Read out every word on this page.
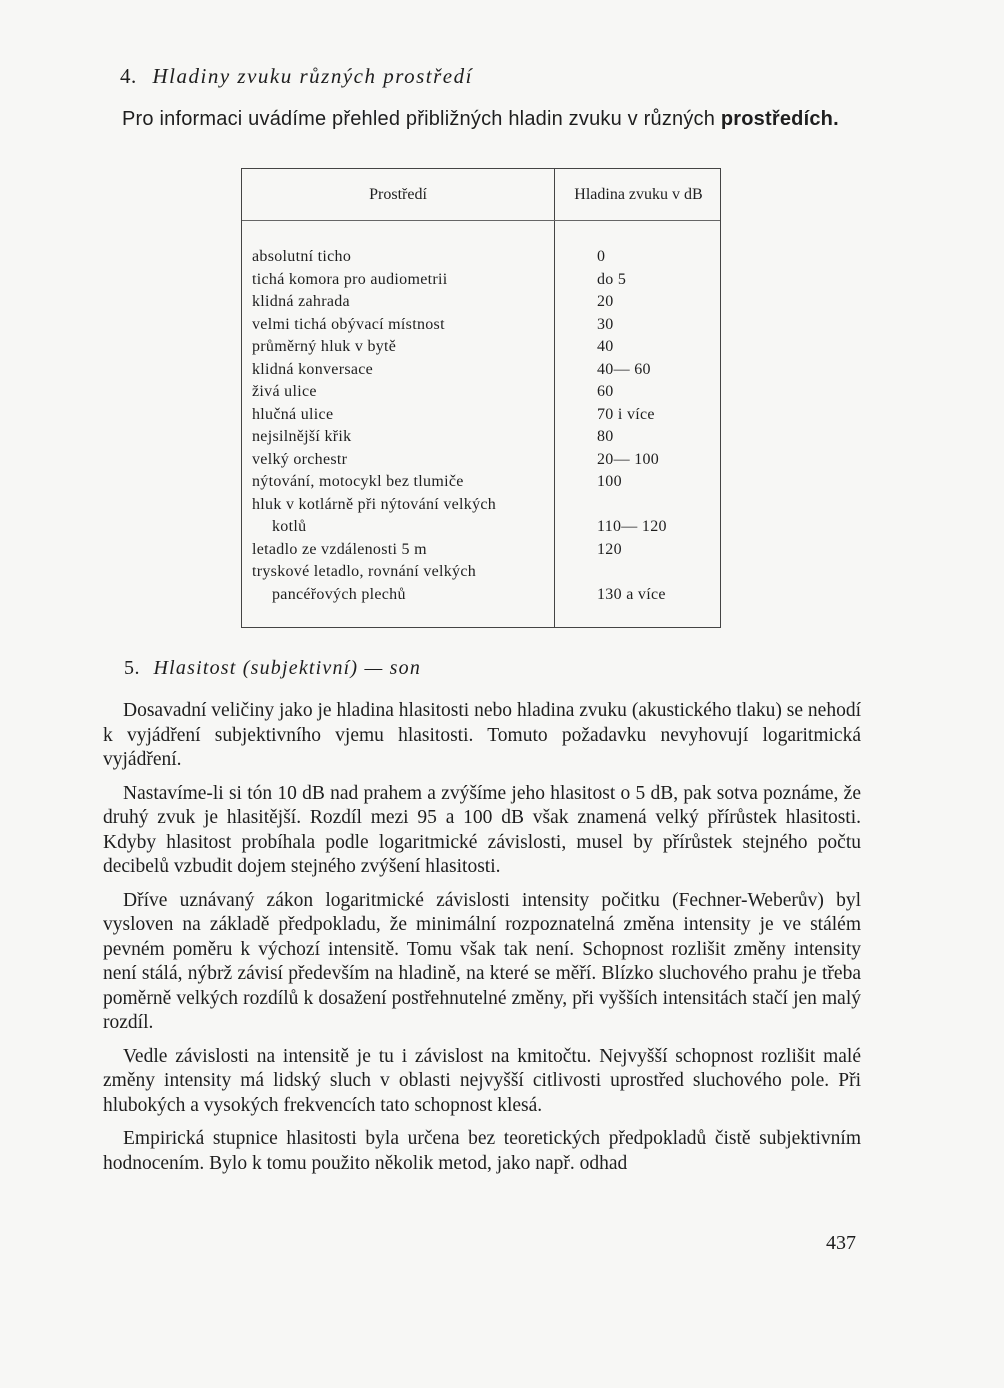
4. Hladiny zvuku různých prostředí
Pro informaci uvádíme přehled přibližných hladin zvuku v různých prostředích.
Prostředí	Hladina zvuku v dB
absolutní ticho	0
tichá komora pro audiometrii	do 5
klidná zahrada	20
velmi tichá obývací místnost	30
průměrný hluk v bytě	40
klidná konversace	40— 60
živá ulice	60
hlučná ulice	70 i více
nejsilnější křik	80
velký orchestr	20— 100
nýtování, motocykl bez tlumiče	100
hluk v kotlárně při nýtování velkých
kotlů	110— 120
letadlo ze vzdálenosti 5 m	120
tryskové letadlo, rovnání velkých
pancéřových plechů	130 a více
5. Hlasitost (subjektivní) — son

Dosavadní veličiny jako je hladina hlasitosti nebo hladina zvuku (akustického tlaku) se nehodí k vyjádření subjektivního vjemu hlasitosti. Tomuto požadavku nevyhovují logaritmická vyjádření.

Nastavíme-li si tón 10 dB nad prahem a zvýšíme jeho hlasitost o 5 dB, pak sotva poznáme, že druhý zvuk je hlasitější. Rozdíl mezi 95 a 100 dB však znamená velký přírůstek hlasitosti. Kdyby hlasitost probíhala podle logaritmické závislosti, musel by přírůstek stejného počtu decibelů vzbudit dojem stejného zvýšení hlasitosti.

Dříve uznávaný zákon logaritmické závislosti intensity počitku (Fechner-Weberův) byl vysloven na základě předpokladu, že minimální rozpoznatelná změna intensity je ve stálém pevném poměru k výchozí intensitě. Tomu však tak není. Schopnost rozlišit změny intensity není stálá, nýbrž závisí především na hladině, na které se měří. Blízko sluchového prahu je třeba poměrně velkých rozdílů k dosažení postřehnutelné změny, při vyšších intensitách stačí jen malý rozdíl.

Vedle závislosti na intensitě je tu i závislost na kmitočtu. Nejvyšší schopnost rozlišit malé změny intensity má lidský sluch v oblasti nejvyšší citlivosti uprostřed sluchového pole. Při hlubokých a vysokých frekvencích tato schopnost klesá.

Empirická stupnice hlasitosti byla určena bez teoretických předpokladů čistě subjektivním hodnocením. Bylo k tomu použito několik metod, jako např. odhad

437
